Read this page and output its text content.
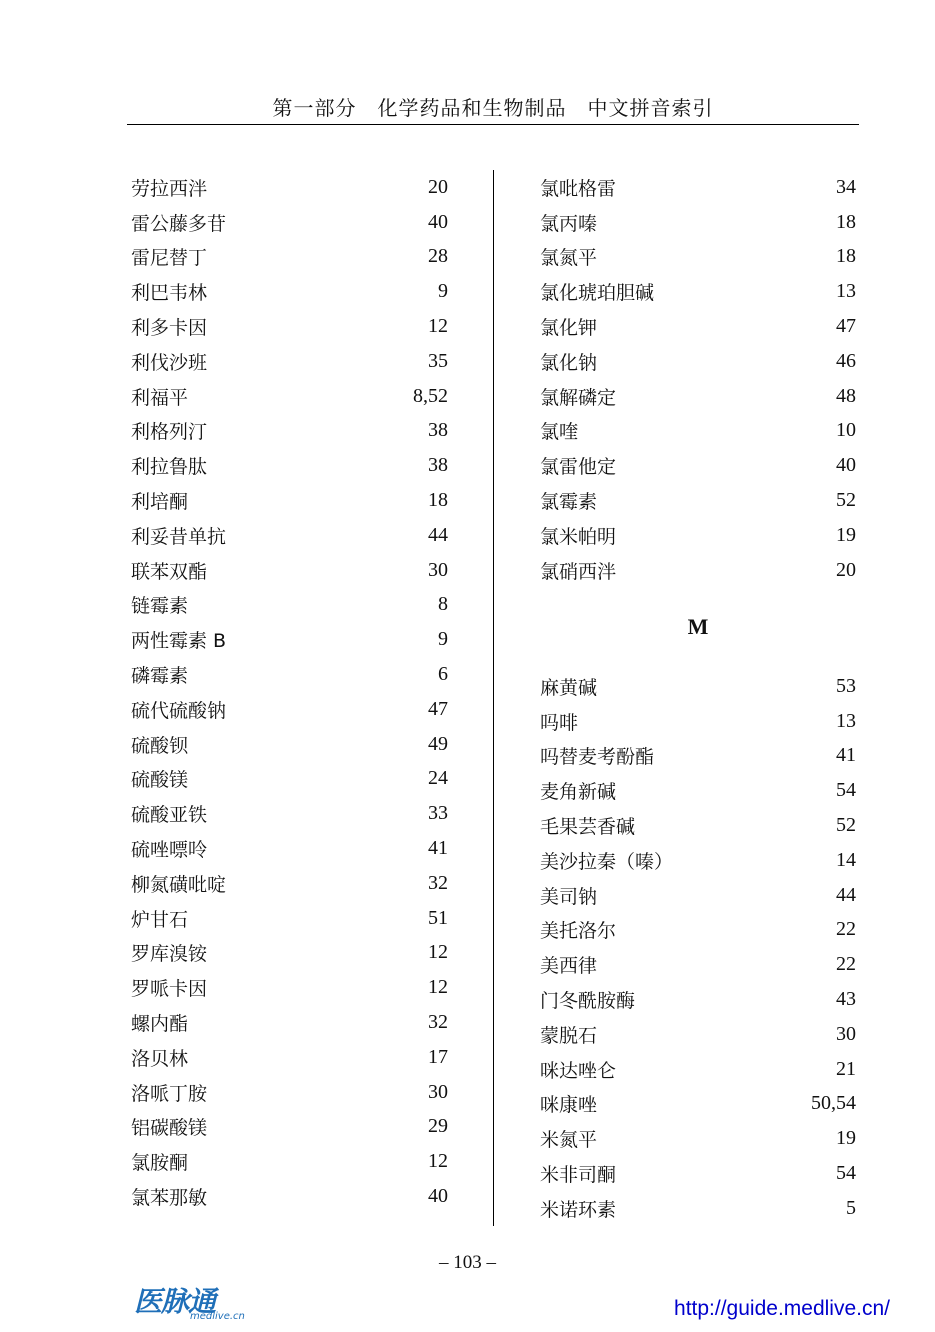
第一部分　化学药品和生物制品　中文拼音索引
劳拉西泮	20
雷公藤多苷	40
雷尼替丁	28
利巴韦林	9
利多卡因	12
利伐沙班	35
利福平	8,52
利格列汀	38
利拉鲁肽	38
利培酮	18
利妥昔单抗	44
联苯双酯	30
链霉素	8
两性霉素 B	9
磷霉素	6
硫代硫酸钠	47
硫酸钡	49
硫酸镁	24
硫酸亚铁	33
硫唑嘌呤	41
柳氮磺吡啶	32
炉甘石	51
罗库溴铵	12
罗哌卡因	12
螺内酯	32
洛贝林	17
洛哌丁胺	30
铝碳酸镁	29
氯胺酮	12
氯苯那敏	40
氯吡格雷	34
氯丙嗪	18
氯氮平	18
氯化琥珀胆碱	13
氯化钾	47
氯化钠	46
氯解磷定	48
氯喹	10
氯雷他定	40
氯霉素	52
氯米帕明	19
氯硝西泮	20
M
麻黄碱	53
吗啡	13
吗替麦考酚酯	41
麦角新碱	54
毛果芸香碱	52
美沙拉秦（嗪）	14
美司钠	44
美托洛尔	22
美西律	22
门冬酰胺酶	43
蒙脱石	30
咪达唑仑	21
咪康唑	50,54
米氮平	19
米非司酮	54
米诺环素	5
– 103 –
医脉通
medlive.cn	http://guide.medlive.cn/
